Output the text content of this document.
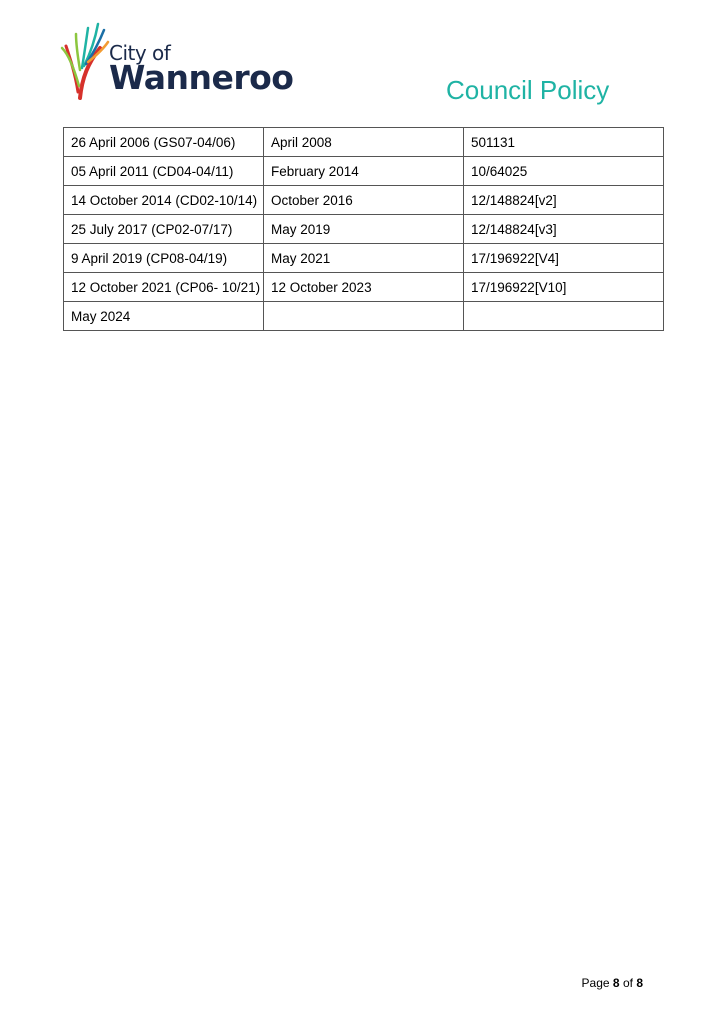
City of
Wanneroo	Council Policy
26 April 2006 (GS07-04/06)	April 2008	501131
05 April 2011 (CD04-04/11)	February 2014	10/64025
14 October 2014 (CD02-10/14)	October 2016	12/148824[v2]
25 July 2017 (CP02-07/17)	May 2019	12/148824[v3]
9 April 2019 (CP08-04/19)	May 2021	17/196922[V4]
12 October 2021 (CP06- 10/21)	12 October 2023	17/196922[V10]
May 2024		
Page 8 of 8
